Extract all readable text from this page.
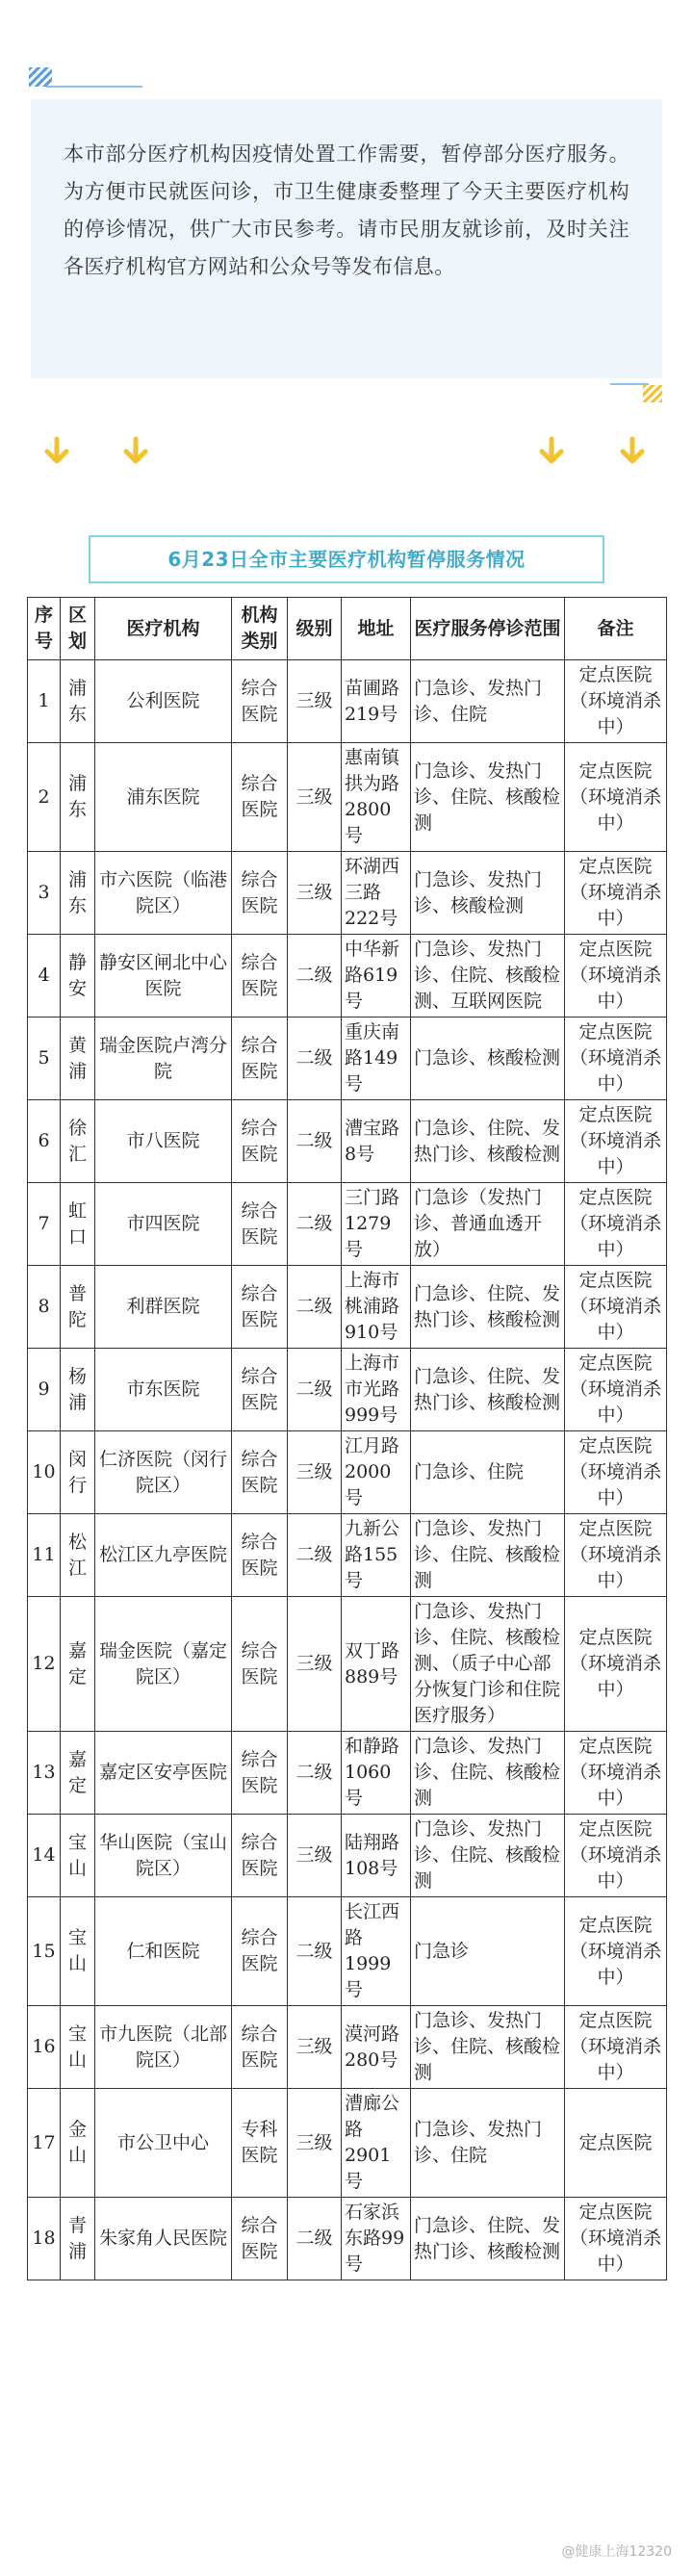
本市部分医疗机构因疫情处置工作需要，暂停部分医疗服务。为方便市民就医问诊，市卫生健康委整理了今天主要医疗机构的停诊情况，供广大市民参考。请市民朋友就诊前，及时关注各医疗机构官方网站和公众号等发布信息。

6月23日全市主要医疗机构暂停服务情况
序号	区划	医疗机构	机构类别	级别	地址	医疗服务停诊范围	备注
1	浦东	公利医院	综合医院	三级	苗圃路219号	门急诊、发热门诊、住院	定点医院（环境消杀中）
2	浦东	浦东医院	综合医院	三级	惠南镇拱为路2800号	门急诊、发热门诊、住院、核酸检测	定点医院（环境消杀中）
3	浦东	市六医院（临港院区）	综合医院	三级	环湖西三路222号	门急诊、发热门诊、核酸检测	定点医院（环境消杀中）
4	静安	静安区闸北中心医院	综合医院	二级	中华新路619号	门急诊、发热门诊、住院、核酸检测、互联网医院	定点医院（环境消杀中）
5	黄浦	瑞金医院卢湾分院	综合医院	二级	重庆南路149号	门急诊、核酸检测	定点医院（环境消杀中）
6	徐汇	市八医院	综合医院	二级	漕宝路8号	门急诊、住院、发热门诊、核酸检测	定点医院（环境消杀中）
7	虹口	市四医院	综合医院	二级	三门路1279号	门急诊（发热门诊、普通血透开放）	定点医院（环境消杀中）
8	普陀	利群医院	综合医院	二级	上海市桃浦路910号	门急诊、住院、发热门诊、核酸检测	定点医院（环境消杀中）
9	杨浦	市东医院	综合医院	二级	上海市市光路999号	门急诊、住院、发热门诊、核酸检测	定点医院（环境消杀中）
10	闵行	仁济医院（闵行院区）	综合医院	三级	江月路2000号	门急诊、住院	定点医院（环境消杀中）
11	松江	松江区九亭医院	综合医院	二级	九新公路155号	门急诊、发热门诊、住院、核酸检测	定点医院（环境消杀中）
12	嘉定	瑞金医院（嘉定院区）	综合医院	三级	双丁路889号	门急诊、发热门诊、住院、核酸检测、（质子中心部分恢复门诊和住院医疗服务）	定点医院（环境消杀中）
13	嘉定	嘉定区安亭医院	综合医院	二级	和静路1060号	门急诊、发热门诊、住院、核酸检测	定点医院（环境消杀中）
14	宝山	华山医院（宝山院区）	综合医院	三级	陆翔路108号	门急诊、发热门诊、住院、核酸检测	定点医院（环境消杀中）
15	宝山	仁和医院	综合医院	二级	长江西路1999号	门急诊	定点医院（环境消杀中）
16	宝山	市九医院（北部院区）	综合医院	三级	漠河路280号	门急诊、发热门诊、住院、核酸检测	定点医院（环境消杀中）
17	金山	市公卫中心	专科医院	三级	漕廊公路2901号	门急诊、发热门诊、住院	定点医院
18	青浦	朱家角人民医院	综合医院	二级	石家浜东路99号	门急诊、住院、发热门诊、核酸检测	定点医院（环境消杀中）
@健康上海12320
